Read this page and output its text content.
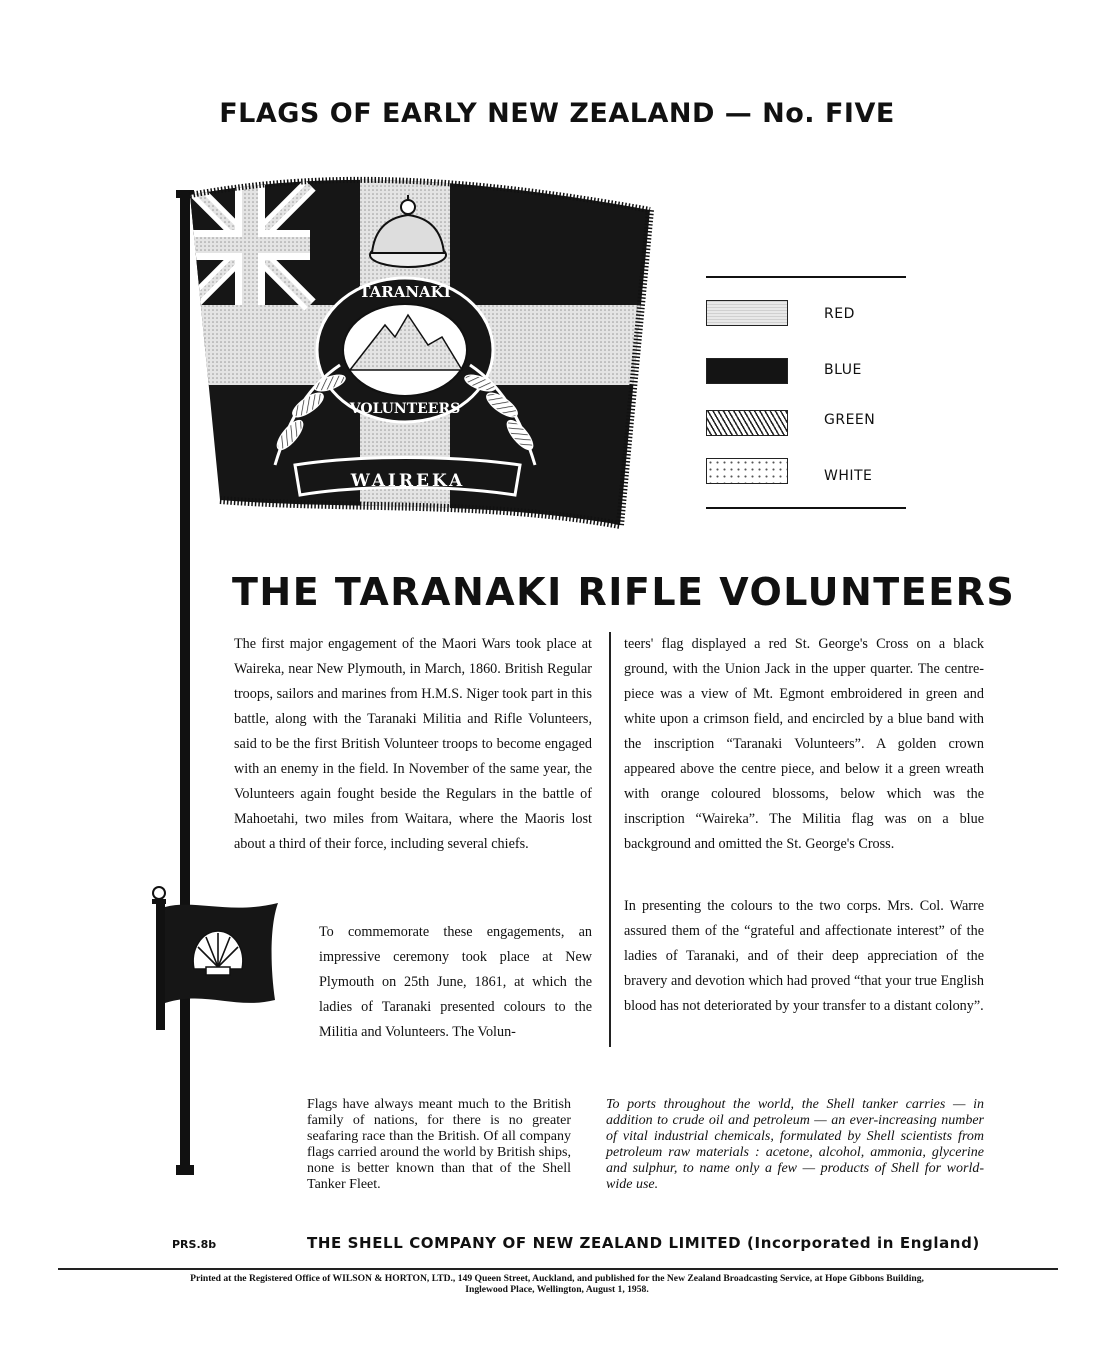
FLAGS OF EARLY NEW ZEALAND — No. FIVE
TARANAKI
VOLUNTEERS
WAIREKA
RED
BLUE
GREEN
WHITE
THE TARANAKI RIFLE VOLUNTEERS
The first major engagement of the Maori Wars took place at Waireka, near New Plymouth, in March, 1860. British Regular troops, sailors and marines from H.M.S. Niger took part in this battle, along with the Taranaki Militia and Rifle Volunteers, said to be the first British Volunteer troops to become engaged with an enemy in the field. In November of the same year, the Volunteers again fought beside the Regulars in the battle of Mahoetahi, two miles from Waitara, where the Maoris lost about a third of their force, including several chiefs.
To commemorate these engagements, an impressive ceremony took place at New Plymouth on 25th June, 1861, at which the ladies of Taranaki presented colours to the Militia and Volunteers. The Volun-
teers' flag displayed a red St. George's Cross on a black ground, with the Union Jack in the upper quarter. The centre-piece was a view of Mt. Egmont embroidered in green and white upon a crimson field, and encircled by a blue band with the inscription “Taranaki Volunteers”. A golden crown appeared above the centre piece, and below it a green wreath with orange coloured blossoms, below which was the inscription “Waireka”. The Militia flag was on a blue background and omitted the St. George's Cross.
In presenting the colours to the two corps. Mrs. Col. Warre assured them of the “grateful and affectionate interest” of the ladies of Taranaki, and of their deep appreciation of the bravery and devotion which had proved “that your true English blood has not deteriorated by your transfer to a distant colony”.
Flags have always meant much to the British family of nations, for there is no greater seafaring race than the British. Of all company flags carried around the world by British ships, none is better known than that of the Shell Tanker Fleet.
To ports throughout the world, the Shell tanker carries — in addition to crude oil and petroleum — an ever-increasing number of vital industrial chemicals, formulated by Shell scientists from petroleum raw materials : acetone, alcohol, ammonia, glycerine and sulphur, to name only a few — products of Shell for world-wide use.
PRS.8b	THE SHELL COMPANY OF NEW ZEALAND LIMITED (Incorporated in England)
Printed at the Registered Office of WILSON & HORTON, LTD., 149 Queen Street, Auckland, and published for the New Zealand Broadcasting Service, at Hope Gibbons Building,
Inglewood Place, Wellington, August 1, 1958.
